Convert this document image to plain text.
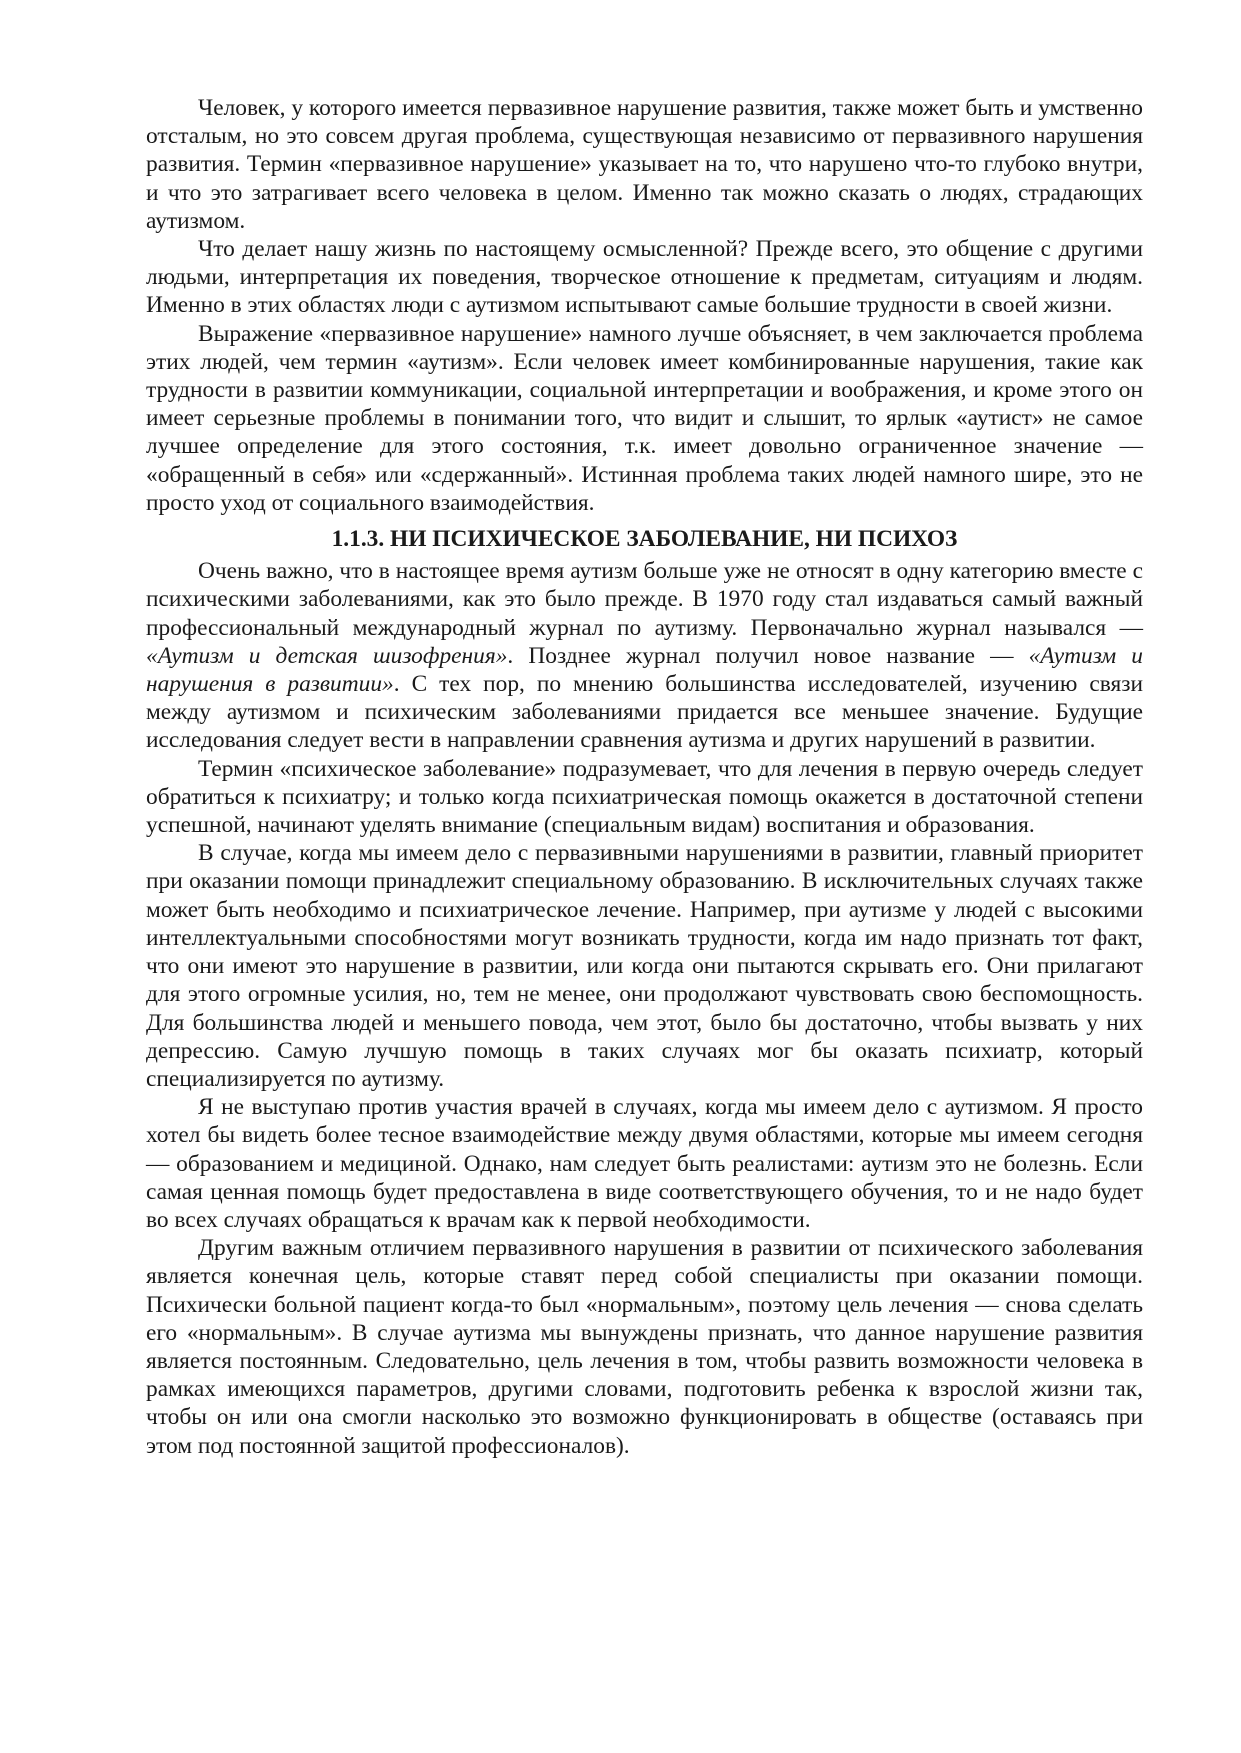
Человек, у которого имеется первазивное нарушение развития, также может быть и умственно отсталым, но это совсем другая проблема, существующая независимо от первазивного нарушения развития. Термин «первазивное нарушение» указывает на то, что нарушено что-то глубоко внутри, и что это затрагивает всего человека в целом. Именно так можно сказать о людях, страдающих аутизмом.

Что делает нашу жизнь по настоящему осмысленной? Прежде всего, это общение с другими людьми, интерпретация их поведения, творческое отношение к предметам, ситуациям и людям. Именно в этих областях люди с аутизмом испытывают самые большие трудности в своей жизни.

Выражение «первазивное нарушение» намного лучше объясняет, в чем заключается проблема этих людей, чем термин «аутизм». Если человек имеет комбинированные нарушения, такие как трудности в развитии коммуникации, социальной интерпретации и воображения, и кроме этого он имеет серьезные проблемы в понимании того, что видит и слышит, то ярлык «аутист» не самое лучшее определение для этого состояния, т.к. имеет довольно ограниченное значение — «обращенный в себя» или «сдержанный». Истинная проблема таких людей намного шире, это не просто уход от социального взаимодействия.

1.1.3. НИ ПСИХИЧЕСКОЕ ЗАБОЛЕВАНИЕ, НИ ПСИХОЗ

Очень важно, что в настоящее время аутизм больше уже не относят в одну категорию вместе с психическими заболеваниями, как это было прежде. В 1970 году стал издаваться самый важный профессиональный международный журнал по аутизму. Первоначально журнал назывался — «Аутизм и детская шизофрения». Позднее журнал получил новое название — «Аутизм и нарушения в развитии». С тех пор, по мнению большинства исследователей, изучению связи между аутизмом и психическим заболеваниями придается все меньшее значение. Будущие исследования следует вести в направлении сравнения аутизма и других нарушений в развитии.

Термин «психическое заболевание» подразумевает, что для лечения в первую очередь следует обратиться к психиатру; и только когда психиатрическая помощь окажется в достаточной степени успешной, начинают уделять внимание (специальным видам) воспитания и образования.

В случае, когда мы имеем дело с первазивными нарушениями в развитии, главный приоритет при оказании помощи принадлежит специальному образованию. В исключительных случаях также может быть необходимо и психиатрическое лечение. Например, при аутизме у людей с высокими интеллектуальными способностями могут возникать трудности, когда им надо признать тот факт, что они имеют это нарушение в развитии, или когда они пытаются скрывать его. Они прилагают для этого огромные усилия, но, тем не менее, они продолжают чувствовать свою беспомощность. Для большинства людей и меньшего повода, чем этот, было бы достаточно, чтобы вызвать у них депрессию. Самую лучшую помощь в таких случаях мог бы оказать психиатр, который специализируется по аутизму.

Я не выступаю против участия врачей в случаях, когда мы имеем дело с аутизмом. Я просто хотел бы видеть более тесное взаимодействие между двумя областями, которые мы имеем сегодня — образованием и медициной. Однако, нам следует быть реалистами: аутизм это не болезнь. Если самая ценная помощь будет предоставлена в виде соответствующего обучения, то и не надо будет во всех случаях обращаться к врачам как к первой необходимости.

Другим важным отличием первазивного нарушения в развитии от психического заболевания является конечная цель, которые ставят перед собой специалисты при оказании помощи. Психически больной пациент когда-то был «нормальным», поэтому цель лечения — снова сделать его «нормальным». В случае аутизма мы вынуждены признать, что данное нарушение развития является постоянным. Следовательно, цель лечения в том, чтобы развить возможности человека в рамках имеющихся параметров, другими словами, подготовить ребенка к взрослой жизни так, чтобы он или она смогли насколько это возможно функционировать в обществе (оставаясь при этом под постоянной защитой профессионалов).
